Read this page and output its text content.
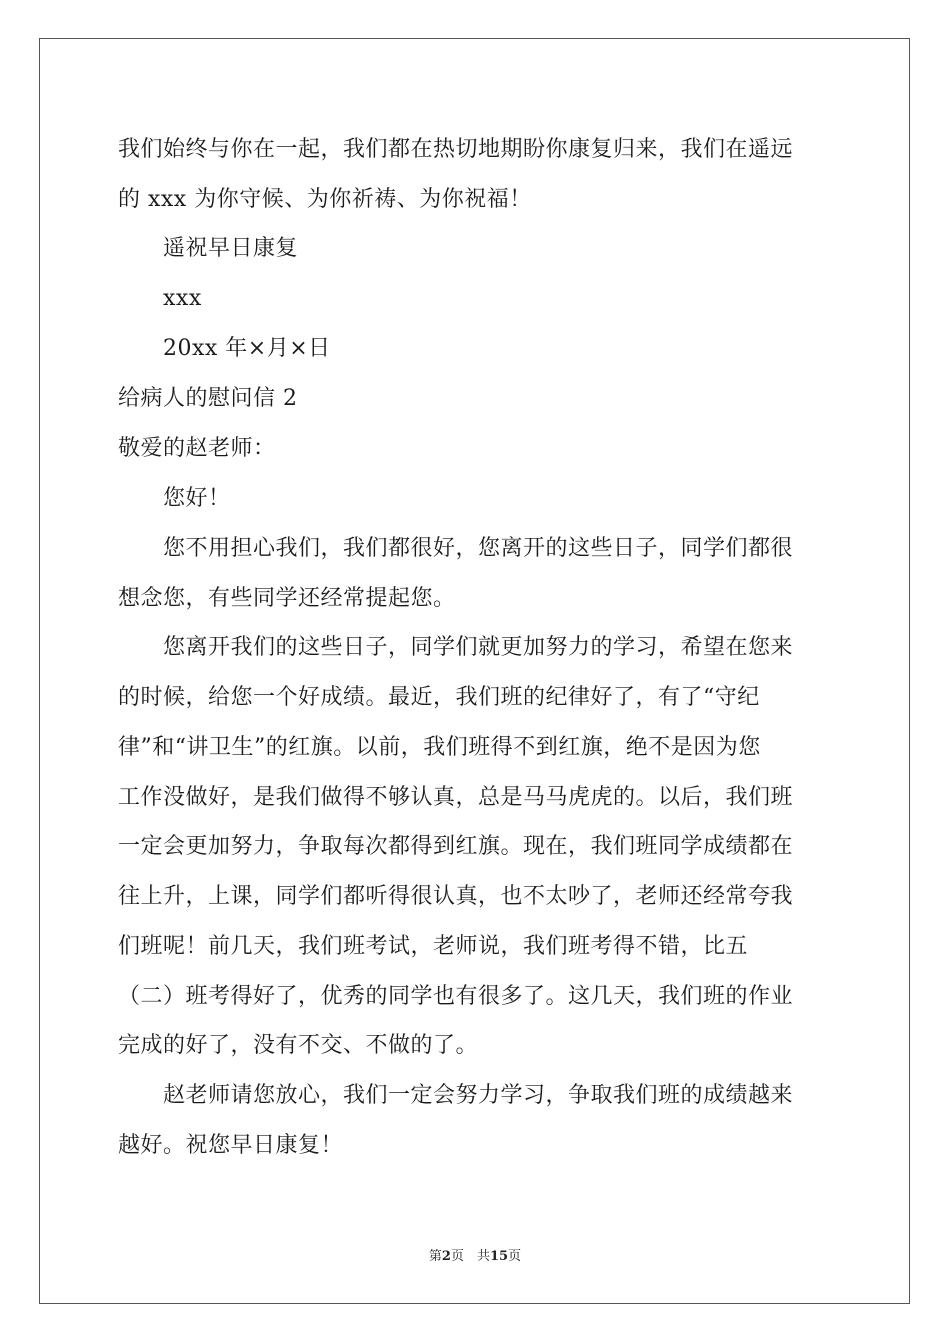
我们始终与你在一起，我们都在热切地期盼你康复归来，我们在遥远
的 xxx 为你守候、为你祈祷、为你祝福！
遥祝早日康复
xxx
20xx 年×月×日
给病人的慰问信 2
敬爱的赵老师：
您好！
您不用担心我们，我们都很好，您离开的这些日子，同学们都很
想念您，有些同学还经常提起您。
您离开我们的这些日子，同学们就更加努力的学习，希望在您来
的时候，给您一个好成绩。最近，我们班的纪律好了，有了“守纪
律”和“讲卫生”的红旗。以前，我们班得不到红旗，绝不是因为您
工作没做好，是我们做得不够认真，总是马马虎虎的。以后，我们班
一定会更加努力，争取每次都得到红旗。现在，我们班同学成绩都在
往上升，上课，同学们都听得很认真，也不太吵了，老师还经常夸我
们班呢！前几天，我们班考试，老师说，我们班考得不错，比五
（二）班考得好了，优秀的同学也有很多了。这几天，我们班的作业
完成的好了，没有不交、不做的了。
赵老师请您放心，我们一定会努力学习，争取我们班的成绩越来
越好。祝您早日康复！
第2页　共15页
